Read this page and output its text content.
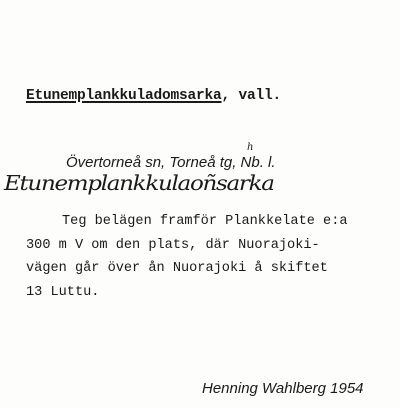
Etunemplankkuladomsarka, vall.
h
Övertorneå sn, Torneå tg, Nb. l.
Etunemplankkulaoñsarka
Teg belägen framför Plankkelate e:a
300 m V om den plats, där Nuorajoki-
vägen går över ån Nuorajoki å skiftet
13 Luttu.
Henning Wahlberg 1954
